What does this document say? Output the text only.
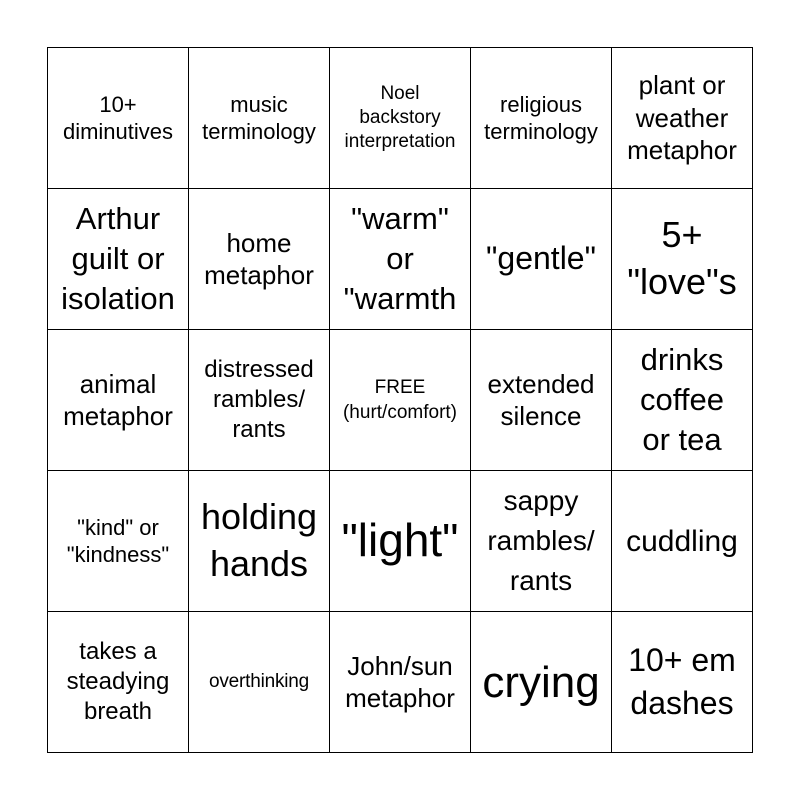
10+
diminutives
music
terminology
Noel
backstory
interpretation
religious
terminology
plant or
weather
metaphor
Arthur
guilt or
isolation
home
metaphor
"warm"
or
"warmth
"gentle"
5+
"love"s
animal
metaphor
distressed
rambles/
rants
FREE
(hurt/comfort)
extended
silence
drinks
coffee
or tea
"kind" or
"kindness"
holding
hands "light"
sappy
rambles/
rants
cuddling
takes a
steadying
breath
overthinking
John/sun
metaphor crying 10+ em
dashes
